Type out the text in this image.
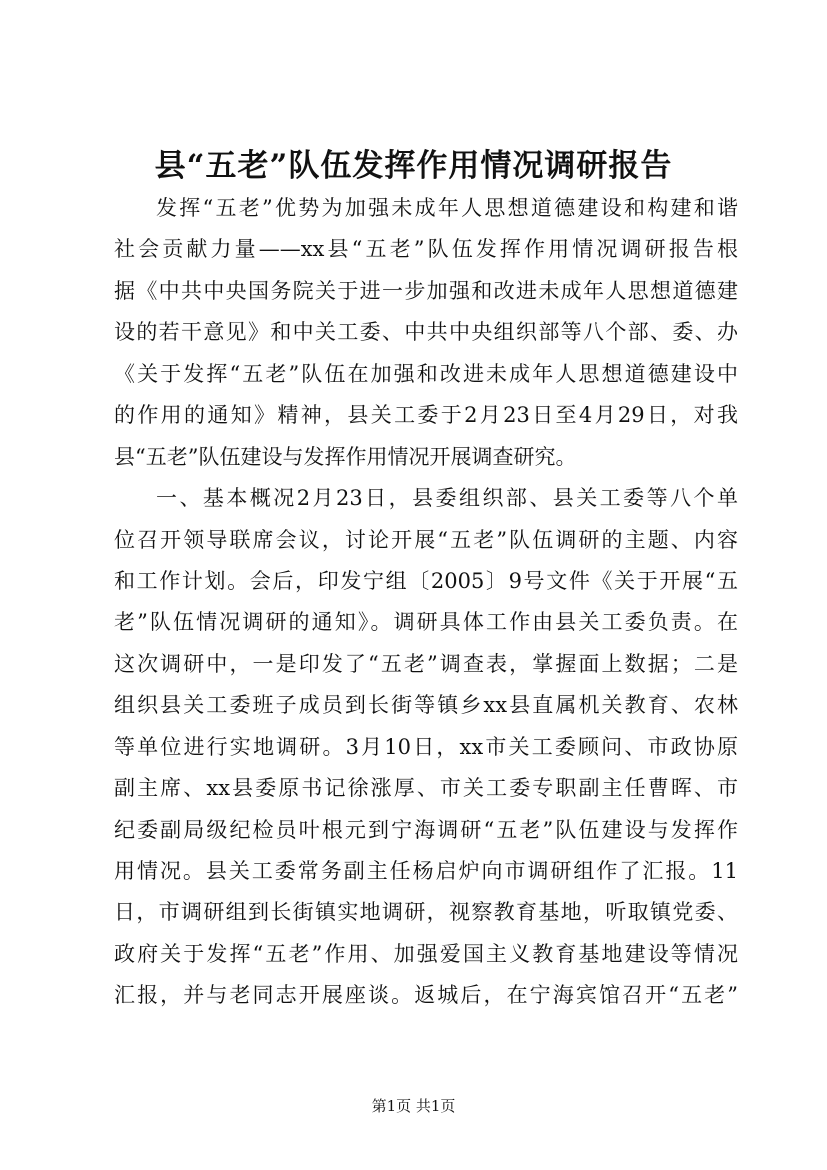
县“五老”队伍发挥作用情况调研报告
发挥“五老”优势为加强未成年人思想道德建设和构建和谐
社会贡献力量——xx县“五老”队伍发挥作用情况调研报告根
据《中共中央国务院关于进一步加强和改进未成年人思想道德建
设的若干意见》和中关工委、中共中央组织部等八个部、委、办
《关于发挥“五老”队伍在加强和改进未成年人思想道德建设中
的作用的通知》精神，县关工委于2月23日至4月29日，对我
县“五老”队伍建设与发挥作用情况开展调查研究。
一、基本概况2月23日，县委组织部、县关工委等八个单
位召开领导联席会议，讨论开展“五老”队伍调研的主题、内容
和工作计划。会后，印发宁组〔2005〕9号文件《关于开展“五
老”队伍情况调研的通知》。调研具体工作由县关工委负责。在
这次调研中，一是印发了“五老”调查表，掌握面上数据；二是
组织县关工委班子成员到长街等镇乡xx县直属机关教育、农林
等单位进行实地调研。3月10日，xx市关工委顾问、市政协原
副主席、xx县委原书记徐涨厚、市关工委专职副主任曹晖、市
纪委副局级纪检员叶根元到宁海调研“五老”队伍建设与发挥作
用情况。县关工委常务副主任杨启炉向市调研组作了汇报。11
日，市调研组到长街镇实地调研，视察教育基地，听取镇党委、
政府关于发挥“五老”作用、加强爱国主义教育基地建设等情况
汇报，并与老同志开展座谈。返城后，在宁海宾馆召开“五老”
第1页 共1页
